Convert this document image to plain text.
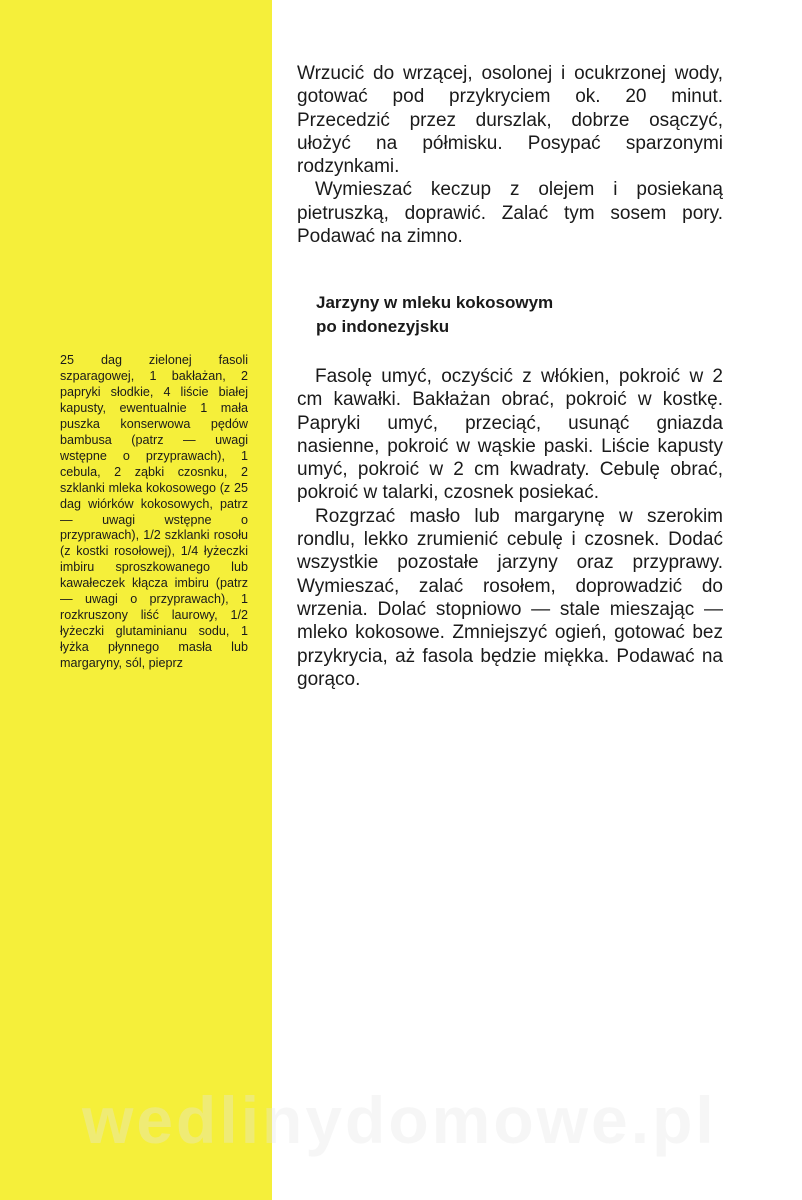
25 dag zielonej fasoli szparagowej, 1 bakłażan, 2 papryki słodkie, 4 liście białej kapusty, ewentualnie 1 mała puszka konserwowa pędów bambusa (patrz — uwagi wstępne o przyprawach), 1 cebula, 2 ząbki czosnku, 2 szklanki mleka kokosowego (z 25 dag wiórków kokosowych, patrz — uwagi wstępne o przyprawach), 1/2 szklanki rosołu (z kostki rosołowej), 1/4 łyżeczki imbiru sproszkowanego lub kawałeczek kłącza imbiru (patrz — uwagi o przyprawach), 1 rozkruszony liść laurowy, 1/2 łyżeczki glutaminianu sodu, 1 łyżka płynnego masła lub margaryny, sól, pieprz

Wrzucić do wrzącej, osolonej i ocukrzonej wody, gotować pod przykryciem ok. 20 minut. Przecedzić przez durszlak, dobrze osączyć, ułożyć na półmisku. Posypać sparzonymi rodzynkami.

Wymieszać keczup z olejem i posiekaną pietruszką, doprawić. Zalać tym sosem pory. Podawać na zimno.

Jarzyny w mleku kokosowym
po indonezyjsku

Fasolę umyć, oczyścić z włókien, pokroić w 2 cm kawałki. Bakłażan obrać, pokroić w kostkę. Papryki umyć, przeciąć, usunąć gniazda nasienne, pokroić w wąskie paski. Liście kapusty umyć, pokroić w 2 cm kwadraty. Cebulę obrać, pokroić w talarki, czosnek posiekać.

Rozgrzać masło lub margarynę w szerokim rondlu, lekko zrumienić cebulę i czosnek. Dodać wszystkie pozostałe jarzyny oraz przyprawy. Wymieszać, zalać rosołem, doprowadzić do wrzenia. Dolać stopniowo — stale mieszając — mleko kokosowe. Zmniejszyć ogień, gotować bez przykrycia, aż fasola będzie miękka. Podawać na gorąco.

wedlinydomowe.pl
